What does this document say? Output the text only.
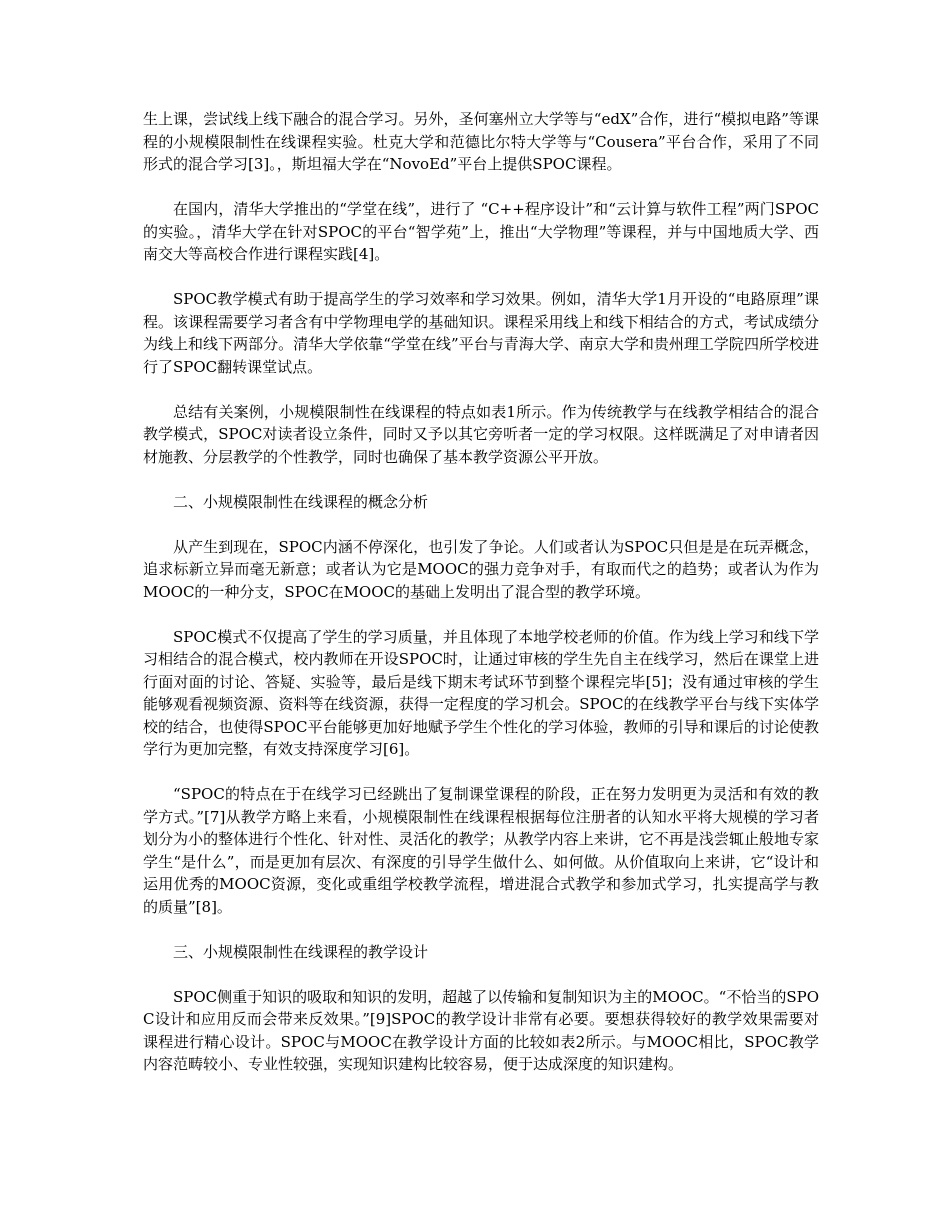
生上课，尝试线上线下融合的混合学习。另外，圣何塞州立大学等与“edX”合作，进行“模拟电路”等课程的小规模限制性在线课程实验。杜克大学和范德比尔特大学等与“Cousera”平台合作，采用了不同形式的混合学习[3]。，斯坦福大学在“NovoEd”平台上提供SPOC课程。

在国内，清华大学推出的“学堂在线”，进行了 “C++程序设计”和“云计算与软件工程”两门SPOC的实验。，清华大学在针对SPOC的平台“智学苑”上，推出“大学物理”等课程，并与中国地质大学、西南交大等高校合作进行课程实践[4]。

SPOC教学模式有助于提高学生的学习效率和学习效果。例如，清华大学1月开设的“电路原理”课程。该课程需要学习者含有中学物理电学的基础知识。课程采用线上和线下相结合的方式，考试成绩分为线上和线下两部分。清华大学依靠“学堂在线”平台与青海大学、南京大学和贵州理工学院四所学校进行了SPOC翻转课堂试点。

总结有关案例，小规模限制性在线课程的特点如表1所示。作为传统教学与在线教学相结合的混合教学模式，SPOC对读者设立条件，同时又予以其它旁听者一定的学习权限。这样既满足了对申请者因材施教、分层教学的个性教学，同时也确保了基本教学资源公平开放。

二、小规模限制性在线课程的概念分析

从产生到现在，SPOC内涵不停深化，也引发了争论。人们或者认为SPOC只但是是在玩弄概念，追求标新立异而毫无新意；或者认为它是MOOC的强力竞争对手，有取而代之的趋势；或者认为作为MOOC的一种分支，SPOC在MOOC的基础上发明出了混合型的教学环境。

SPOC模式不仅提高了学生的学习质量，并且体现了本地学校老师的价值。作为线上学习和线下学习相结合的混合模式，校内教师在开设SPOC时，让通过审核的学生先自主在线学习，然后在课堂上进行面对面的讨论、答疑、实验等，最后是线下期末考试环节到整个课程完毕[5]；没有通过审核的学生能够观看视频资源、资料等在线资源，获得一定程度的学习机会。SPOC的在线教学平台与线下实体学校的结合，也使得SPOC平台能够更加好地赋予学生个性化的学习体验，教师的引导和课后的讨论使教学行为更加完整，有效支持深度学习[6]。

“SPOC的特点在于在线学习已经跳出了复制课堂课程的阶段，正在努力发明更为灵活和有效的教学方式。”[7]从教学方略上来看，小规模限制性在线课程根据每位注册者的认知水平将大规模的学习者划分为小的整体进行个性化、针对性、灵活化的教学；从教学内容上来讲，它不再是浅尝辄止般地专家学生“是什么”，而是更加有层次、有深度的引导学生做什么、如何做。从价值取向上来讲，它“设计和运用优秀的MOOC资源，变化或重组学校教学流程，增进混合式教学和参加式学习，扎实提高学与教的质量”[8]。

三、小规模限制性在线课程的教学设计

SPOC侧重于知识的吸取和知识的发明，超越了以传输和复制知识为主的MOOC。“不恰当的SPOC设计和应用反而会带来反效果。”[9]SPOC的教学设计非常有必要。要想获得较好的教学效果需要对课程进行精心设计。SPOC与MOOC在教学设计方面的比较如表2所示。与MOOC相比，SPOC教学内容范畴较小、专业性较强，实现知识建构比较容易，便于达成深度的知识建构。
